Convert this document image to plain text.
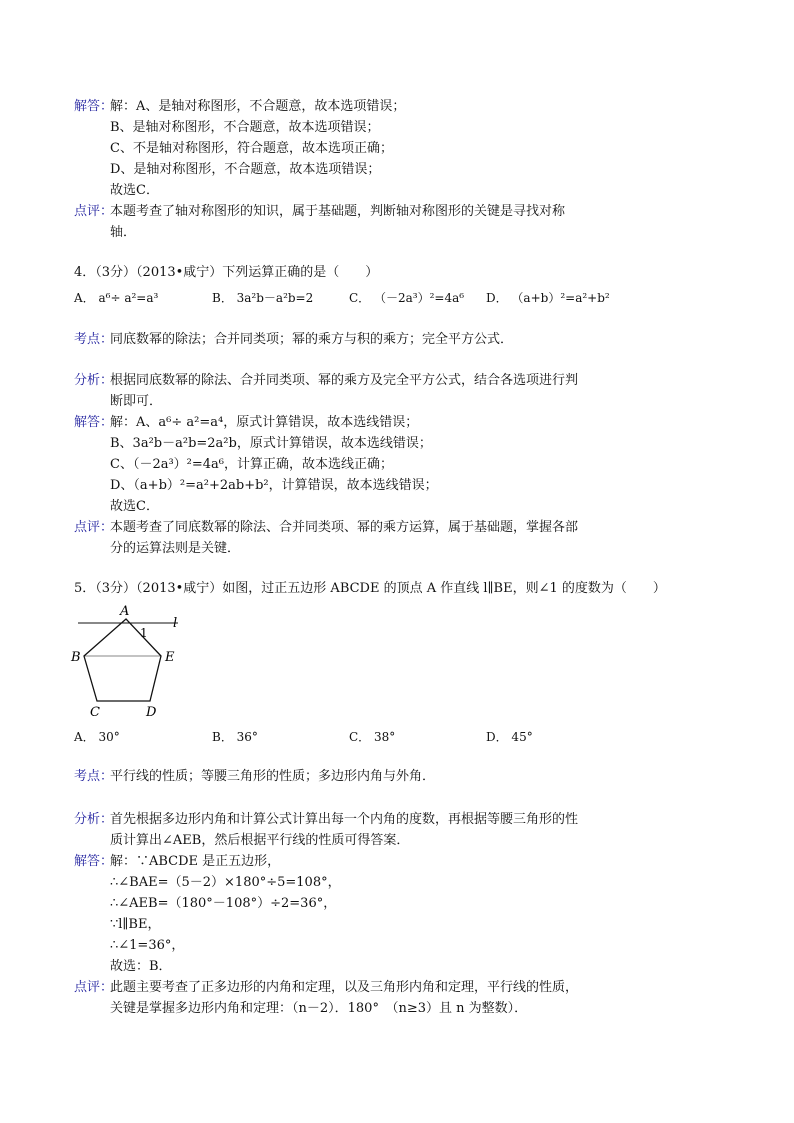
解答：
解：A、是轴对称图形，不合题意，故本选项错误；
B、是轴对称图形，不合题意，故本选项错误；
C、不是轴对称图形，符合题意，故本选项正确；
D、是轴对称图形，不合题意，故本选项错误；
故选C．
点评：
本题考查了轴对称图形的知识，属于基础题，判断轴对称图形的关键是寻找对称
轴．
4．（3分）（2013•咸宁）下列运算正确的是（　　）
A． a⁶÷ a²=a³	B． 3a²b－a²b=2	C． （－2a³）²=4a⁶ D． （a+b）²=a²+b²
考点：
同底数幂的除法；合并同类项；幂的乘方与积的乘方；完全平方公式．
分析：
根据同底数幂的除法、合并同类项、幂的乘方及完全平方公式，结合各选项进行判
断即可．
解答：
解：A、a⁶÷ a²=a⁴，原式计算错误，故本选线错误；
B、3a²b－a²b=2a²b，原式计算错误，故本选线错误；
C、（－2a³）²=4a⁶，计算正确，故本选线正确；
D、（a+b）²=a²+2ab+b²，计算错误，故本选线错误；
故选C．
点评：
本题考查了同底数幂的除法、合并同类项、幂的乘方运算，属于基础题，掌握各部
分的运算法则是关键．
5．（3分）（2013•咸宁）如图，过正五边形 ABCDE 的顶点 A 作直线 l∥BE，则∠1 的度数为（　　）
A
B
C	D
E
l
1
A． 30°	B． 36°	C． 38°	D． 45°
考点：
平行线的性质；等腰三角形的性质；多边形内角与外角．
分析：
首先根据多边形内角和计算公式计算出每一个内角的度数，再根据等腰三角形的性
质计算出∠AEB，然后根据平行线的性质可得答案．
解答：
解：∵ABCDE 是正五边形，
∴∠BAE=（5－2）×180°÷5=108°，
∴∠AEB=（180°－108°）÷2=36°，
∵l∥BE，
∴∠1=36°，
故选：B．
点评：
此题主要考查了正多边形的内角和定理，以及三角形内角和定理，平行线的性质，
关键是掌握多边形内角和定理：（n－2）．180°　（n≥3）且 n 为整数）．
